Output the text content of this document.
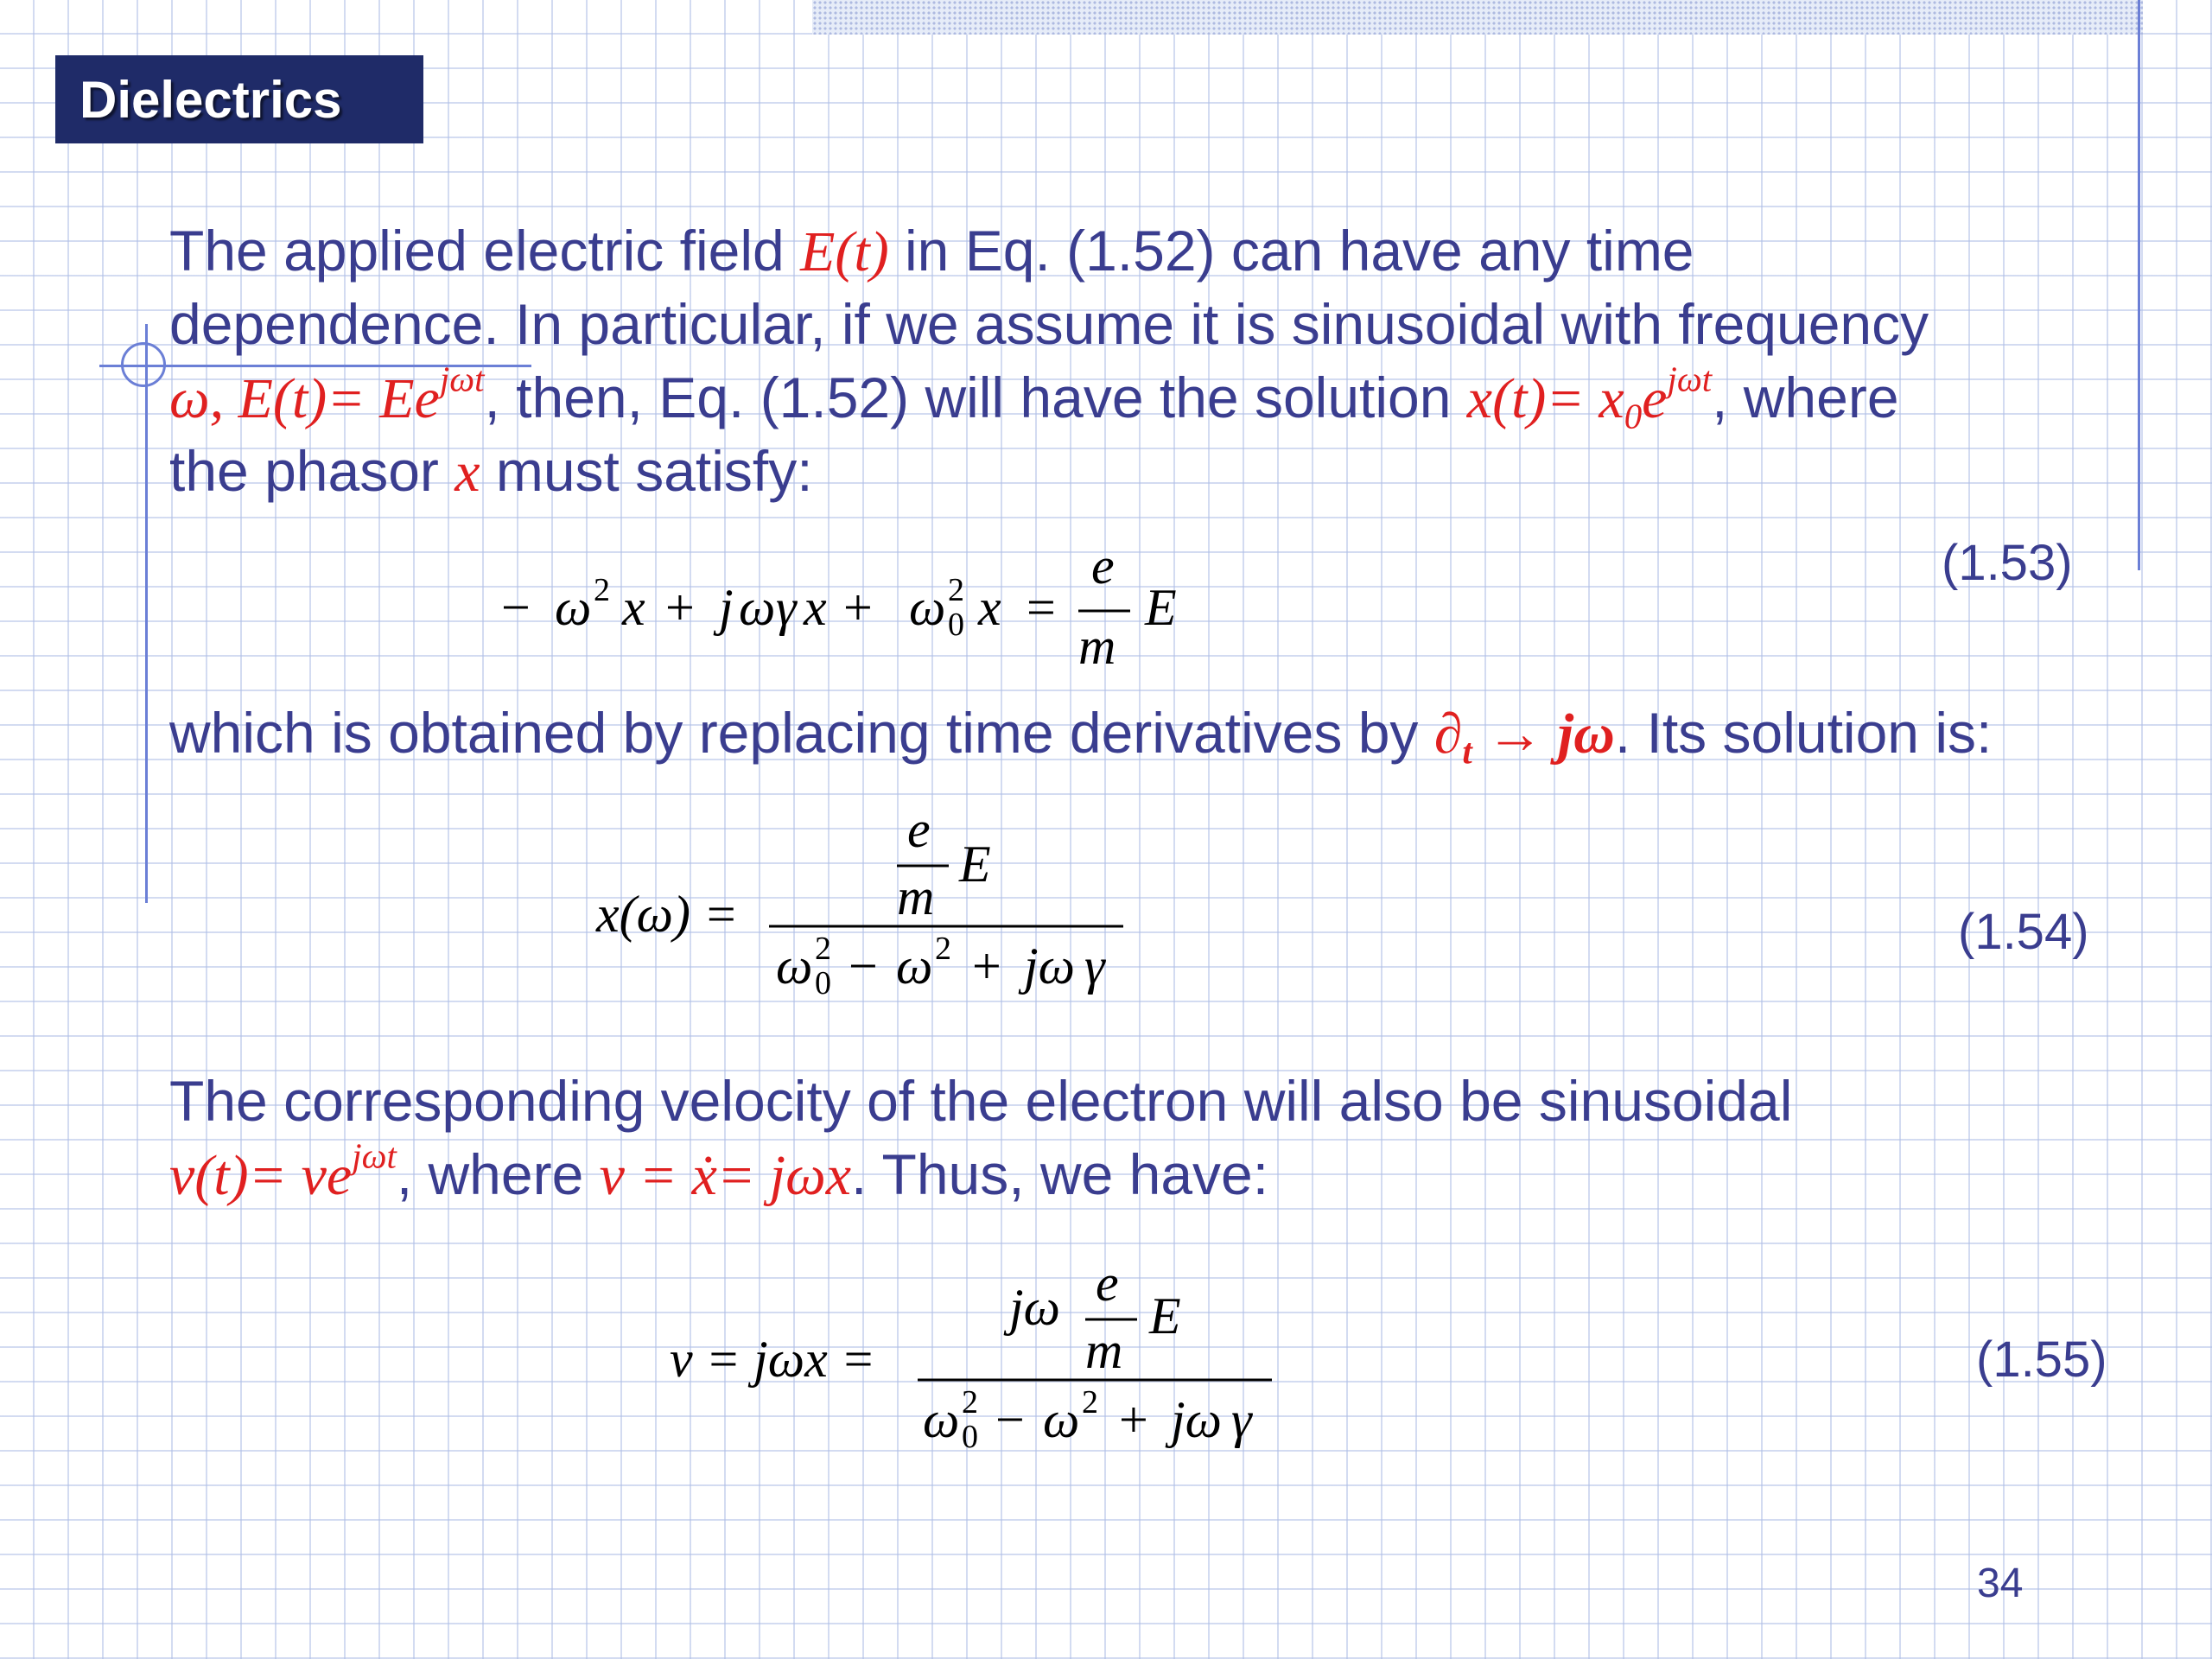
Dielectrics

The applied electric field E(t) in Eq. (1.52) can have any time

dependence. In particular, if we assume it is sinusoidal with frequency

ω, $E(t)= Ee^{j\omega t}$, then, Eq. (1.52) will have the solution $x(t)= x_0e^{j\omega t}$, where

the phasor x must satisfy:

− ω 2 x + j ω γ x + ω 2
0 x =
e
m
E
(1.53)

which is obtained by replacing time derivatives by $\partial_t \to j\omega$. Its solution is:

x(ω) =
e
m
E
ω 2
0 − ω 2 + jω γ
(1.54)

The corresponding velocity of the electron will also be sinusoidal

$v(t)= ve^{j\omega t}$, where v = ẋ= jωx. Thus, we have:

v = jωx =
jω e
m
E
ω 2
0 − ω 2 + jω γ
(1.55)
34
